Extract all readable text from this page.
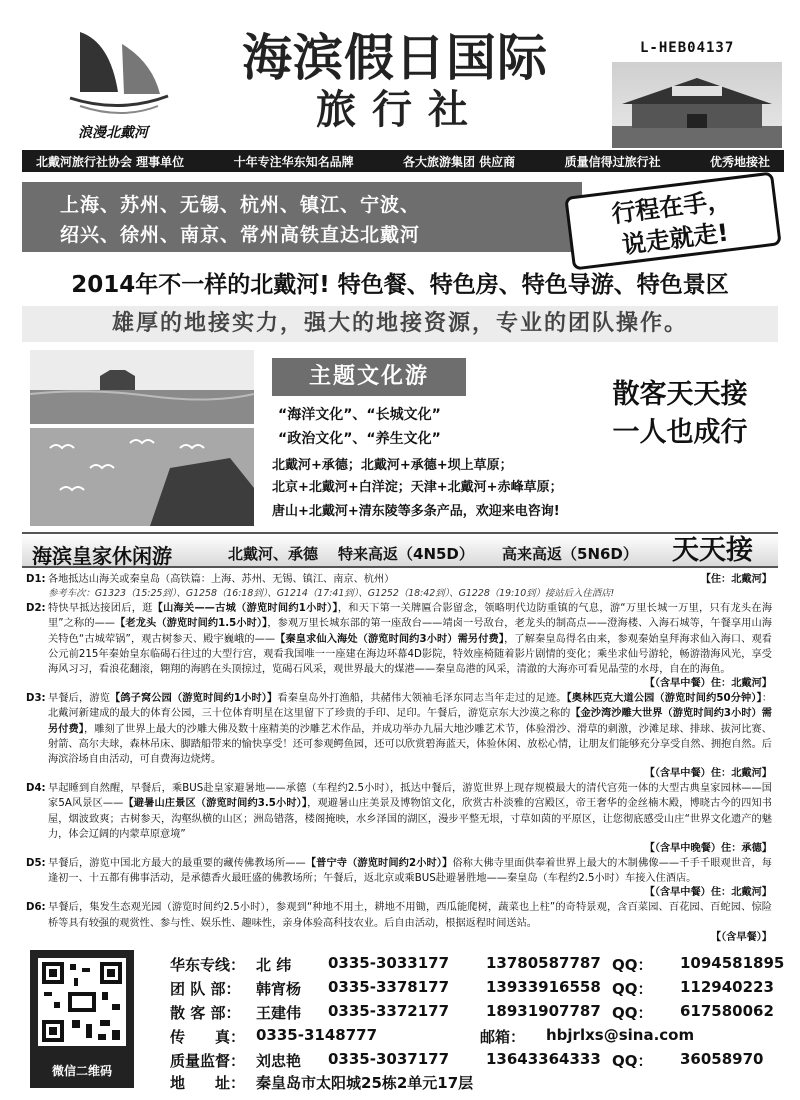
浪漫北戴河
海滨假日国际
旅行社
L-HEB04137
北戴河旅行社协会 理事单位	十年专注华东知名品牌	各大旅游集团 供应商	质量信得过旅行社	优秀地接社
上海、苏州、无锡、杭州、镇江、宁波、
绍兴、徐州、南京、常州高铁直达北戴河
行程在手，
说走就走!
2014年不一样的北戴河! 特色餐、特色房、特色导游、特色景区
雄厚的地接实力，强大的地接资源，专业的团队操作。
主题文化游
“海洋文化”、“长城文化”
“政治文化”、“养生文化”
北戴河+承德；北戴河+承德+坝上草原；
北京+北戴河+白洋淀；天津+北戴河+赤峰草原；
唐山+北戴河+清东陵等多条产品，欢迎来电咨询!
散客天天接
一人也成行
海滨皇家休闲游	北戴河、承德 特来高返（4N5D） 高来高返（5N6D） 天天接
D1: 各地抵达山海关或秦皇岛（高铁篇：上海、苏州、无锡、镇江、南京、杭州）	【住：北戴河】
参考车次：G1323（15:25到）、G1258（16:18到）、G1214（17:41到）、G1252（18:42到）、G1228（19:10到）接站后入住酒店!
D2: 特快早抵达接团后，逛【山海关——古城（游览时间约1小时）】，和天下第一关牌匾合影留念，领略明代边防重镇的气息，游“万里长城一万里，只有龙头在海里”之称的——【老龙头（游览时间约1.5小时）】，参观万里长城东部的第一座敌台——靖卤一号敌台，老龙头的制高点——澄海楼、入海石城等，午餐享用山海关特色“古城荤锅”，观古树参天、殿宇巍峨的——【秦皇求仙入海处（游览时间约3小时）需另付费】，了解秦皇岛得名由来，参观秦始皇拜海求仙入海口、观看公元前215年秦始皇东临碣石往过的大型行宫，观看我国唯一一座建在海边环幕4D影院，特效座椅随着影片剧情的变化；乘坐求仙号游轮，畅游渤海风光，享受海风习习，看浪花翻滚，翱翔的海鸥在头顶掠过，览碣石风采，观世界最大的煤港——秦皇岛港的风采，清澈的大海亦可看见晶莹的水母，自在的海鱼。
【（含早中餐）住：北戴河】
D3: 早餐后，游览【鸽子窝公园（游览时间约1小时）】看秦皇岛外打渔船，共赭伟大领袖毛泽东同志当年走过的足迹。【奥林匹克大道公园（游览时间约50分钟）】：北戴河新建成的最大的体育公园，三十位体育明星在这里留下了珍贵的手印、足印。午餐后，游览京东大沙漠之称的【金沙湾沙雕大世界（游览时间约3小时）需另付费】，雕刻了世界上最大的沙雕大佛及数十座精美的沙雕艺术作品，并成功举办九届大地沙雕艺术节，体验滑沙、滑草的刺激，沙滩足球、排球、拔河比赛、射箭、高尔夫球，森林吊床、脚踏船带来的愉快享受！还可参观鳄鱼园，还可以欣赏碧海蓝天，体验休闲、放松心情，让朋友们能够充分享受自然、拥抱自然。后海滨浴场自由活动，可自费海边烧烤。
【（含早中餐）住：北戴河】
D4: 早起睡到自然醒，早餐后，乘BUS赴皇家避暑地——承德（车程约2.5小时），抵达中餐后，游览世界上现存规模最大的清代宫苑一体的大型古典皇家园林——国家5A风景区——【避暑山庄景区（游览时间约3.5小时）】，观避暑山庄美景及博物馆文化，欣赏古朴淡雅的宫殿区，帝王奢华的金丝楠木殿，博晓古今的四知书屋，烟波致爽；古树参天，沟壑纵横的山区；洲岛错落，楼阁掩映，水乡泽国的湖区，漫步平整无垠，寸草如茵的平原区，让您彻底感受山庄“世界文化遗产的魅力，体会辽阔的内蒙草原意境”
【（含早中晚餐）住：承德】
D5: 早餐后，游览中国北方最大的最重要的藏传佛教场所——【普宁寺（游览时间约2小时）】俗称大佛寺里面供奉着世界上最大的木制佛像——千手千眼观世音，每逢初一、十五都有佛事活动，是承德香火最旺盛的佛教场所；午餐后，返北京或乘BUS赴避暑胜地——秦皇岛（车程约2.5小时）车接入住酒店。
【（含早中餐）住：北戴河】
D6: 早餐后，集发生态观光园（游览时间约2.5小时），参观到“种地不用土，耕地不用锄，西瓜能爬树，蔬菜也上柱”的奇特景观，含百菜园、百花园、百蛇园、惊险桥等具有较强的观赏性、参与性、娱乐性、趣味性，亲身体验高科技农业。后自由活动，根据返程时间送站。
【（含早餐）】
微信二维码
华东专线： 北 纬 0335-3033177 13780587787 QQ： 1094581895
团 队 部： 韩宵杨 0335-3378177 13933916558 QQ： 112940223
散 客 部： 王建伟 0335-3372177 18931907787 QQ： 617580062
传　　真： 0335-3148777	邮箱： hbjrlxs@sina.com
质量监督： 刘忠艳 0335-3037177 13643364333 QQ： 36058970
地　　址： 秦皇岛市太阳城25栋2单元17层
